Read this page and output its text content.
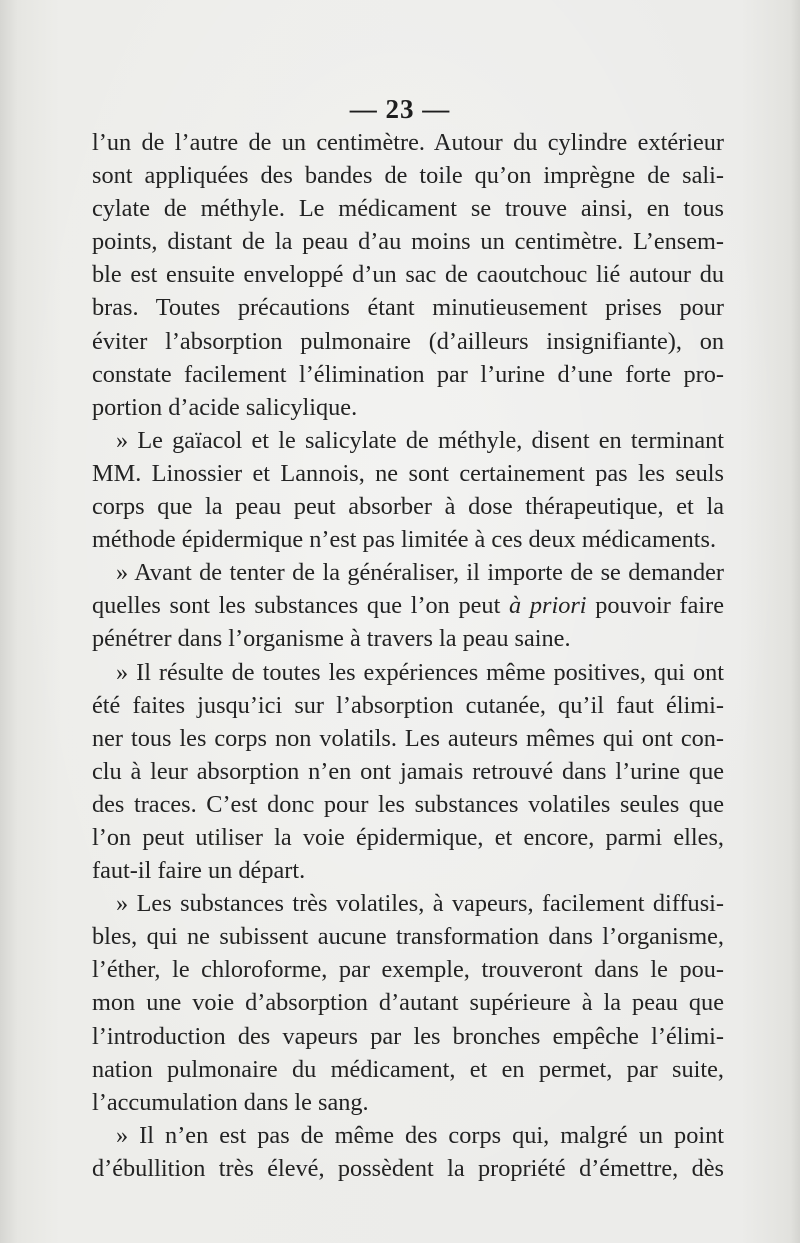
— 23 —
l’un de l’autre de un centimètre. Autour du cylindre extérieur
sont appliquées des bandes de toile qu’on imprègne de sali-
cylate de méthyle. Le médicament se trouve ainsi, en tous
points, distant de la peau d’au moins un centimètre. L’ensem-
ble est ensuite enveloppé d’un sac de caoutchouc lié autour du
bras. Toutes précautions étant minutieusement prises pour
éviter l’absorption pulmonaire (d’ailleurs insignifiante), on
constate facilement l’élimination par l’urine d’une forte pro-
portion d’acide salicylique.
» Le gaïacol et le salicylate de méthyle, disent en terminant
MM. Linossier et Lannois, ne sont certainement pas les seuls
corps que la peau peut absorber à dose thérapeutique, et la
méthode épidermique n’est pas limitée à ces deux médicaments.
» Avant de tenter de la généraliser, il importe de se demander
quelles sont les substances que l’on peut à priori pouvoir faire
pénétrer dans l’organisme à travers la peau saine.
» Il résulte de toutes les expériences même positives, qui ont
été faites jusqu’ici sur l’absorption cutanée, qu’il faut élimi-
ner tous les corps non volatils. Les auteurs mêmes qui ont con-
clu à leur absorption n’en ont jamais retrouvé dans l’urine que
des traces. C’est donc pour les substances volatiles seules que
l’on peut utiliser la voie épidermique, et encore, parmi elles,
faut-il faire un départ.
» Les substances très volatiles, à vapeurs, facilement diffusi-
bles, qui ne subissent aucune transformation dans l’organisme,
l’éther, le chloroforme, par exemple, trouveront dans le pou-
mon une voie d’absorption d’autant supérieure à la peau que
l’introduction des vapeurs par les bronches empêche l’élimi-
nation pulmonaire du médicament, et en permet, par suite,
l’accumulation dans le sang.
» Il n’en est pas de même des corps qui, malgré un point
d’ébullition très élevé, possèdent la propriété d’émettre, dès
